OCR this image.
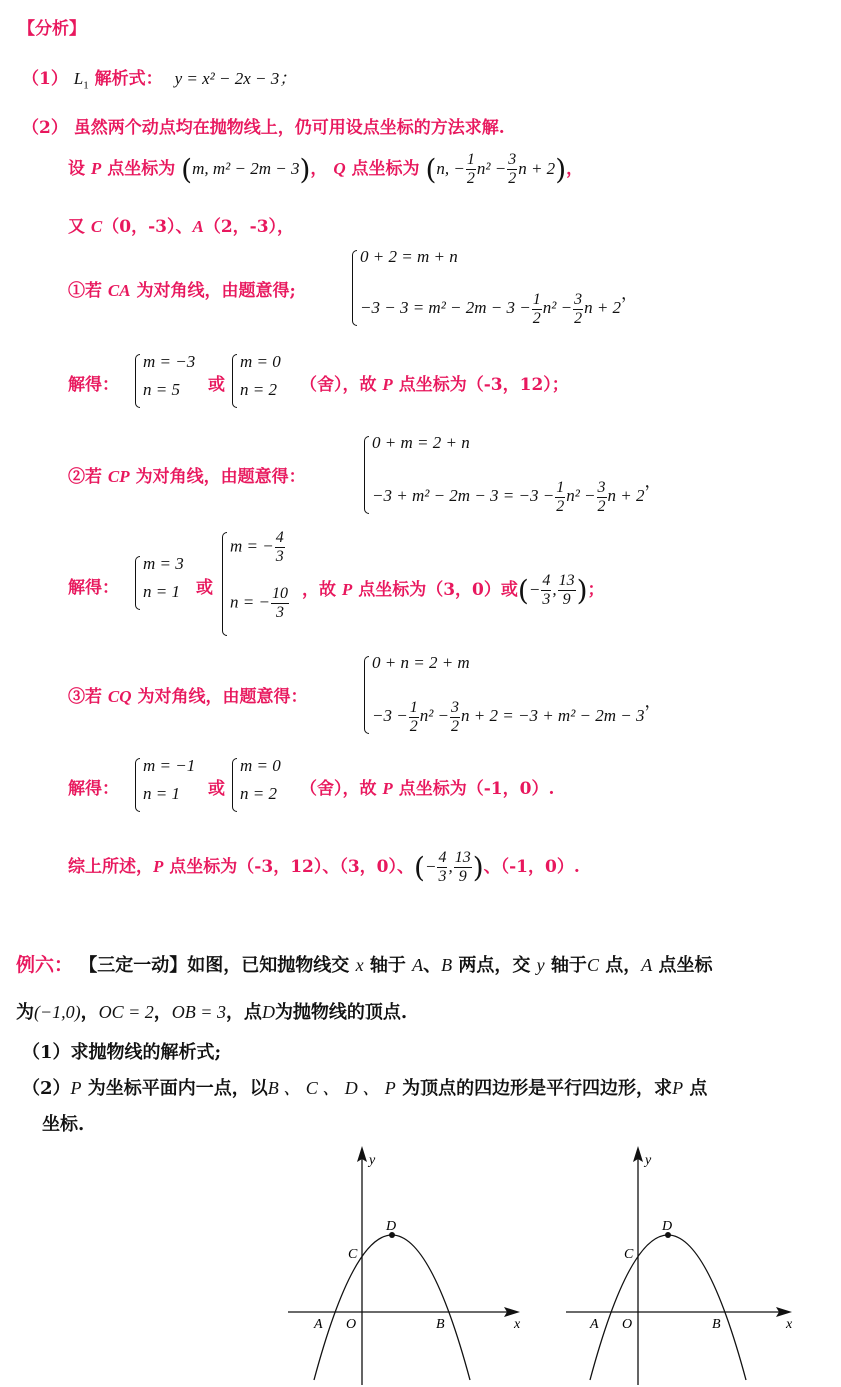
【分析】
（1） $L_1$ 解析式： y = x² − 2x − 3；
（2） 虽然两个动点均在抛物线上，仍可用设点坐标的方法求解.
设 P 点坐标为 (m, m² − 2m − 3)， Q 点坐标为 (n, − $\frac{1}{2} n^2 - \frac{3}{2}$ n + 2)，
又 C（0，-3）、A（2，-3），
①若 CA 为对角线，由题意得;
0 + 2 = m + n
$-3 - 3 = m^2 - 2m - 3 - \frac{1}{2} n^2 - \frac{3}{2}$ n + 2，
解得：
m = −3
n = 5 或
m = 0
n = 2 （舍），故 P 点坐标为（-3，12）；
②若 CP 为对角线，由题意得：
0 + m = 2 + n
$-3 + m^2 - 2m - 3 = -3 - \frac{1}{2} n^2 - \frac{3}{2}$ n + 2，
解得：
m = 3
n = 1 或
m = − $\frac{4}{3}$
n = − $\frac{10}{3}$ ，故 P 点坐标为（3，0）或(− $\frac{4}{3}$ , $\frac{13}{9}$ )；
③若 CQ 为对角线，由题意得：
0 + n = 2 + m
$-3 - \frac{1}{2} n^2 - \frac{3}{2}$ n + 2 = −3 + m² − 2m − 3，
解得：
m = −1
n = 1 或
m = 0
n = 2 （舍），故 P 点坐标为（-1，0）.
综上所述，P 点坐标为（-3，12）、（3，0）、(− $\frac{4}{3}$ , $\frac{13}{9}$ )、（-1，0）.
例六： 【三定一动】如图，已知抛物线交 x 轴于 A、B 两点，交 y 轴于C 点，A 点坐标
为(−1,0)，OC = 2，OB = 3，点D为抛物线的顶点.
（1）求抛物线的解析式;
（2）P 为坐标平面内一点，以B 、 C 、 D 、 P 为顶点的四边形是平行四边形，求P 点
坐标.
y
x
O
A	B
C
D
y
x
O
A	B
C
D
